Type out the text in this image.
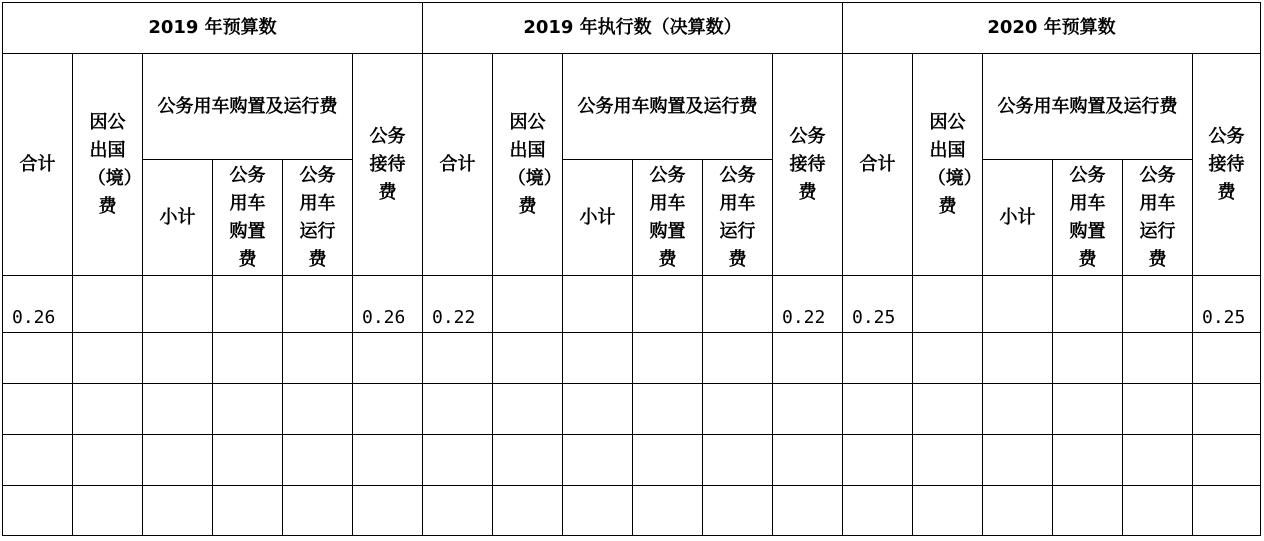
2019 年预算数						2019 年执行数（决算数）						2020 年预算数					
合计	因公出国（境）费	公务用车购置及运行费			公务接待费	合计	因公出国（境）费	公务用车购置及运行费			公务接待费	合计	因公出国（境）费	公务用车购置及运行费			公务接待费
		小计	公务用车购置费	公务用车运行费				小计	公务用车购置费	公务用车运行费				小计	公务用车购置费	公务用车运行费	
0.26					0.26	0.22					0.22	0.25					0.25
